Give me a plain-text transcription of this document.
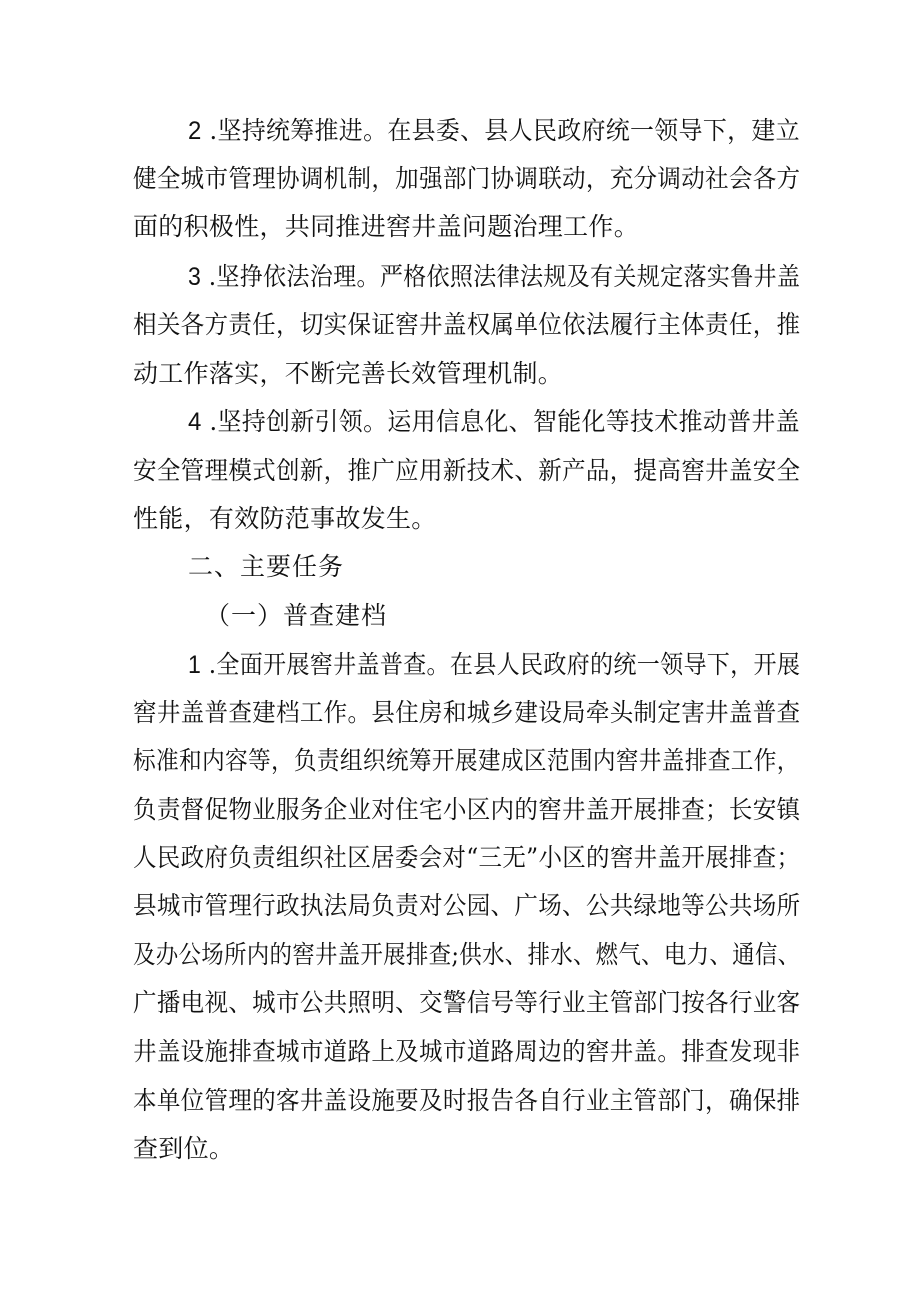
2 .坚持统筹推进。在县委、县人民政府统一领导下，建立
健全城市管理协调机制，加强部门协调联动，充分调动社会各方
面的积极性，共同推进窖井盖问题治理工作。
3 .坚挣依法治理。严格依照法律法规及有关规定落实鲁井盖
相关各方责任，切实保证窖井盖权属单位依法履行主体责任，推
动工作落实，不断完善长效管理机制。
4 .坚持创新引领。运用信息化、智能化等技术推动普井盖
安全管理模式创新，推广应用新技术、新产品，提高窖井盖安全
性能，有效防范事故发生。
二、主要任务
（一）普查建档
1 .全面开展窖井盖普查。在县人民政府的统一领导下，开展
窖井盖普查建档工作。县住房和城乡建设局牵头制定害井盖普查
标准和内容等，负责组织统筹开展建成区范围内窖井盖排查工作，
负责督促物业服务企业对住宅小区内的窖井盖开展排查；长安镇
人民政府负责组织社区居委会对“三无”小区的窖井盖开展排查；
县城市管理行政执法局负责对公园、广场、公共绿地等公共场所
及办公场所内的窖井盖开展排查;供水、排水、燃气、电力、通信、
广播电视、城市公共照明、交警信号等行业主管部门按各行业客
井盖设施排查城市道路上及城市道路周边的窖井盖。排查发现非
本单位管理的客井盖设施要及时报告各自行业主管部门，确保排
查到位。
